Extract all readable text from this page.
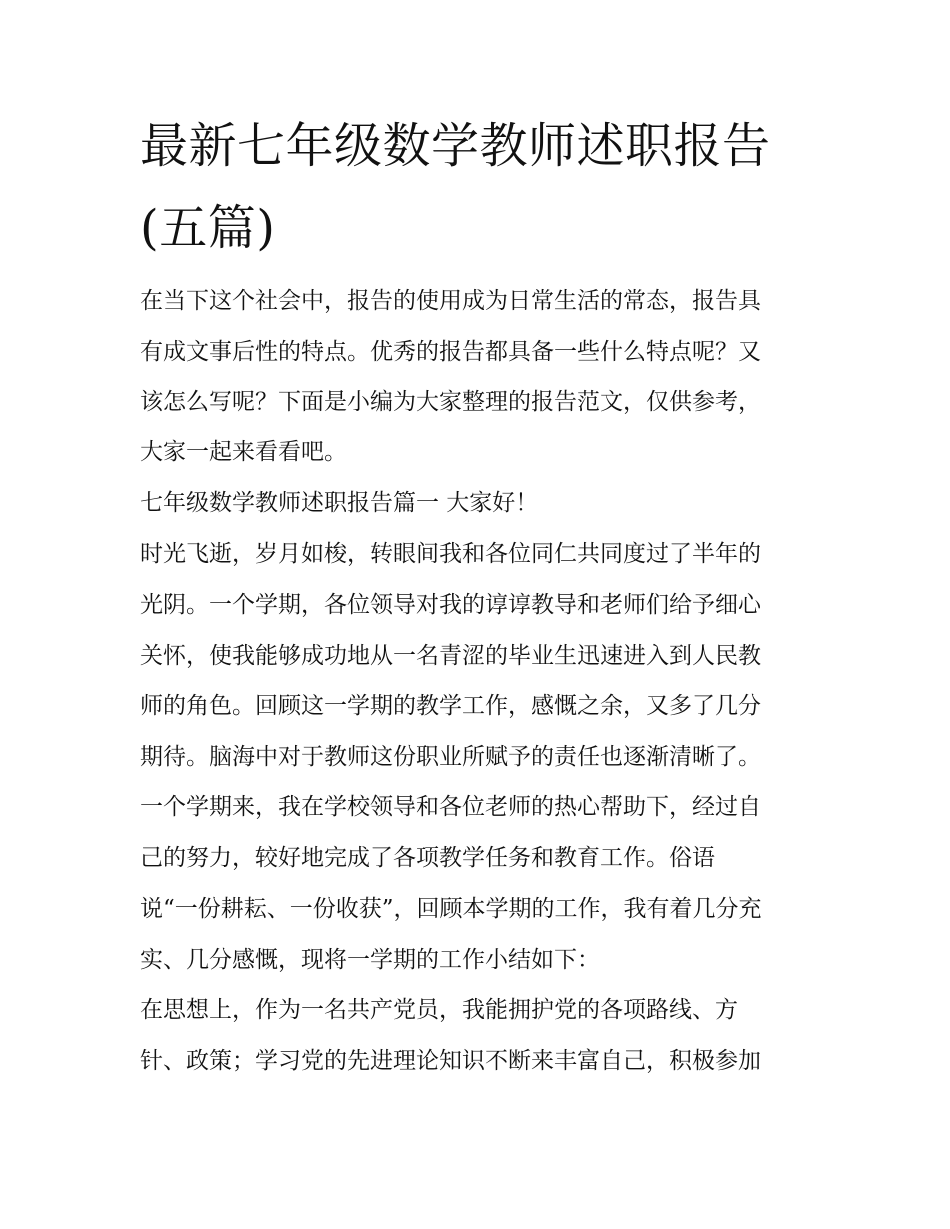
最新七年级数学教师述职报告
(五篇)
在当下这个社会中，报告的使用成为日常生活的常态，报告具
有成文事后性的特点。优秀的报告都具备一些什么特点呢？又
该怎么写呢？下面是小编为大家整理的报告范文，仅供参考，
大家一起来看看吧。
七年级数学教师述职报告篇一 大家好！
时光飞逝，岁月如梭，转眼间我和各位同仁共同度过了半年的
光阴。一个学期，各位领导对我的谆谆教导和老师们给予细心
关怀，使我能够成功地从一名青涩的毕业生迅速进入到人民教
师的角色。回顾这一学期的教学工作，感慨之余，又多了几分
期待。脑海中对于教师这份职业所赋予的责任也逐渐清晰了。
一个学期来，我在学校领导和各位老师的热心帮助下，经过自
己的努力，较好地完成了各项教学任务和教育工作。俗语
说“一份耕耘、一份收获”，回顾本学期的工作，我有着几分充
实、几分感慨，现将一学期的工作小结如下：
在思想上，作为一名共产党员，我能拥护党的各项路线、方
针、政策；学习党的先进理论知识不断来丰富自己，积极参加
